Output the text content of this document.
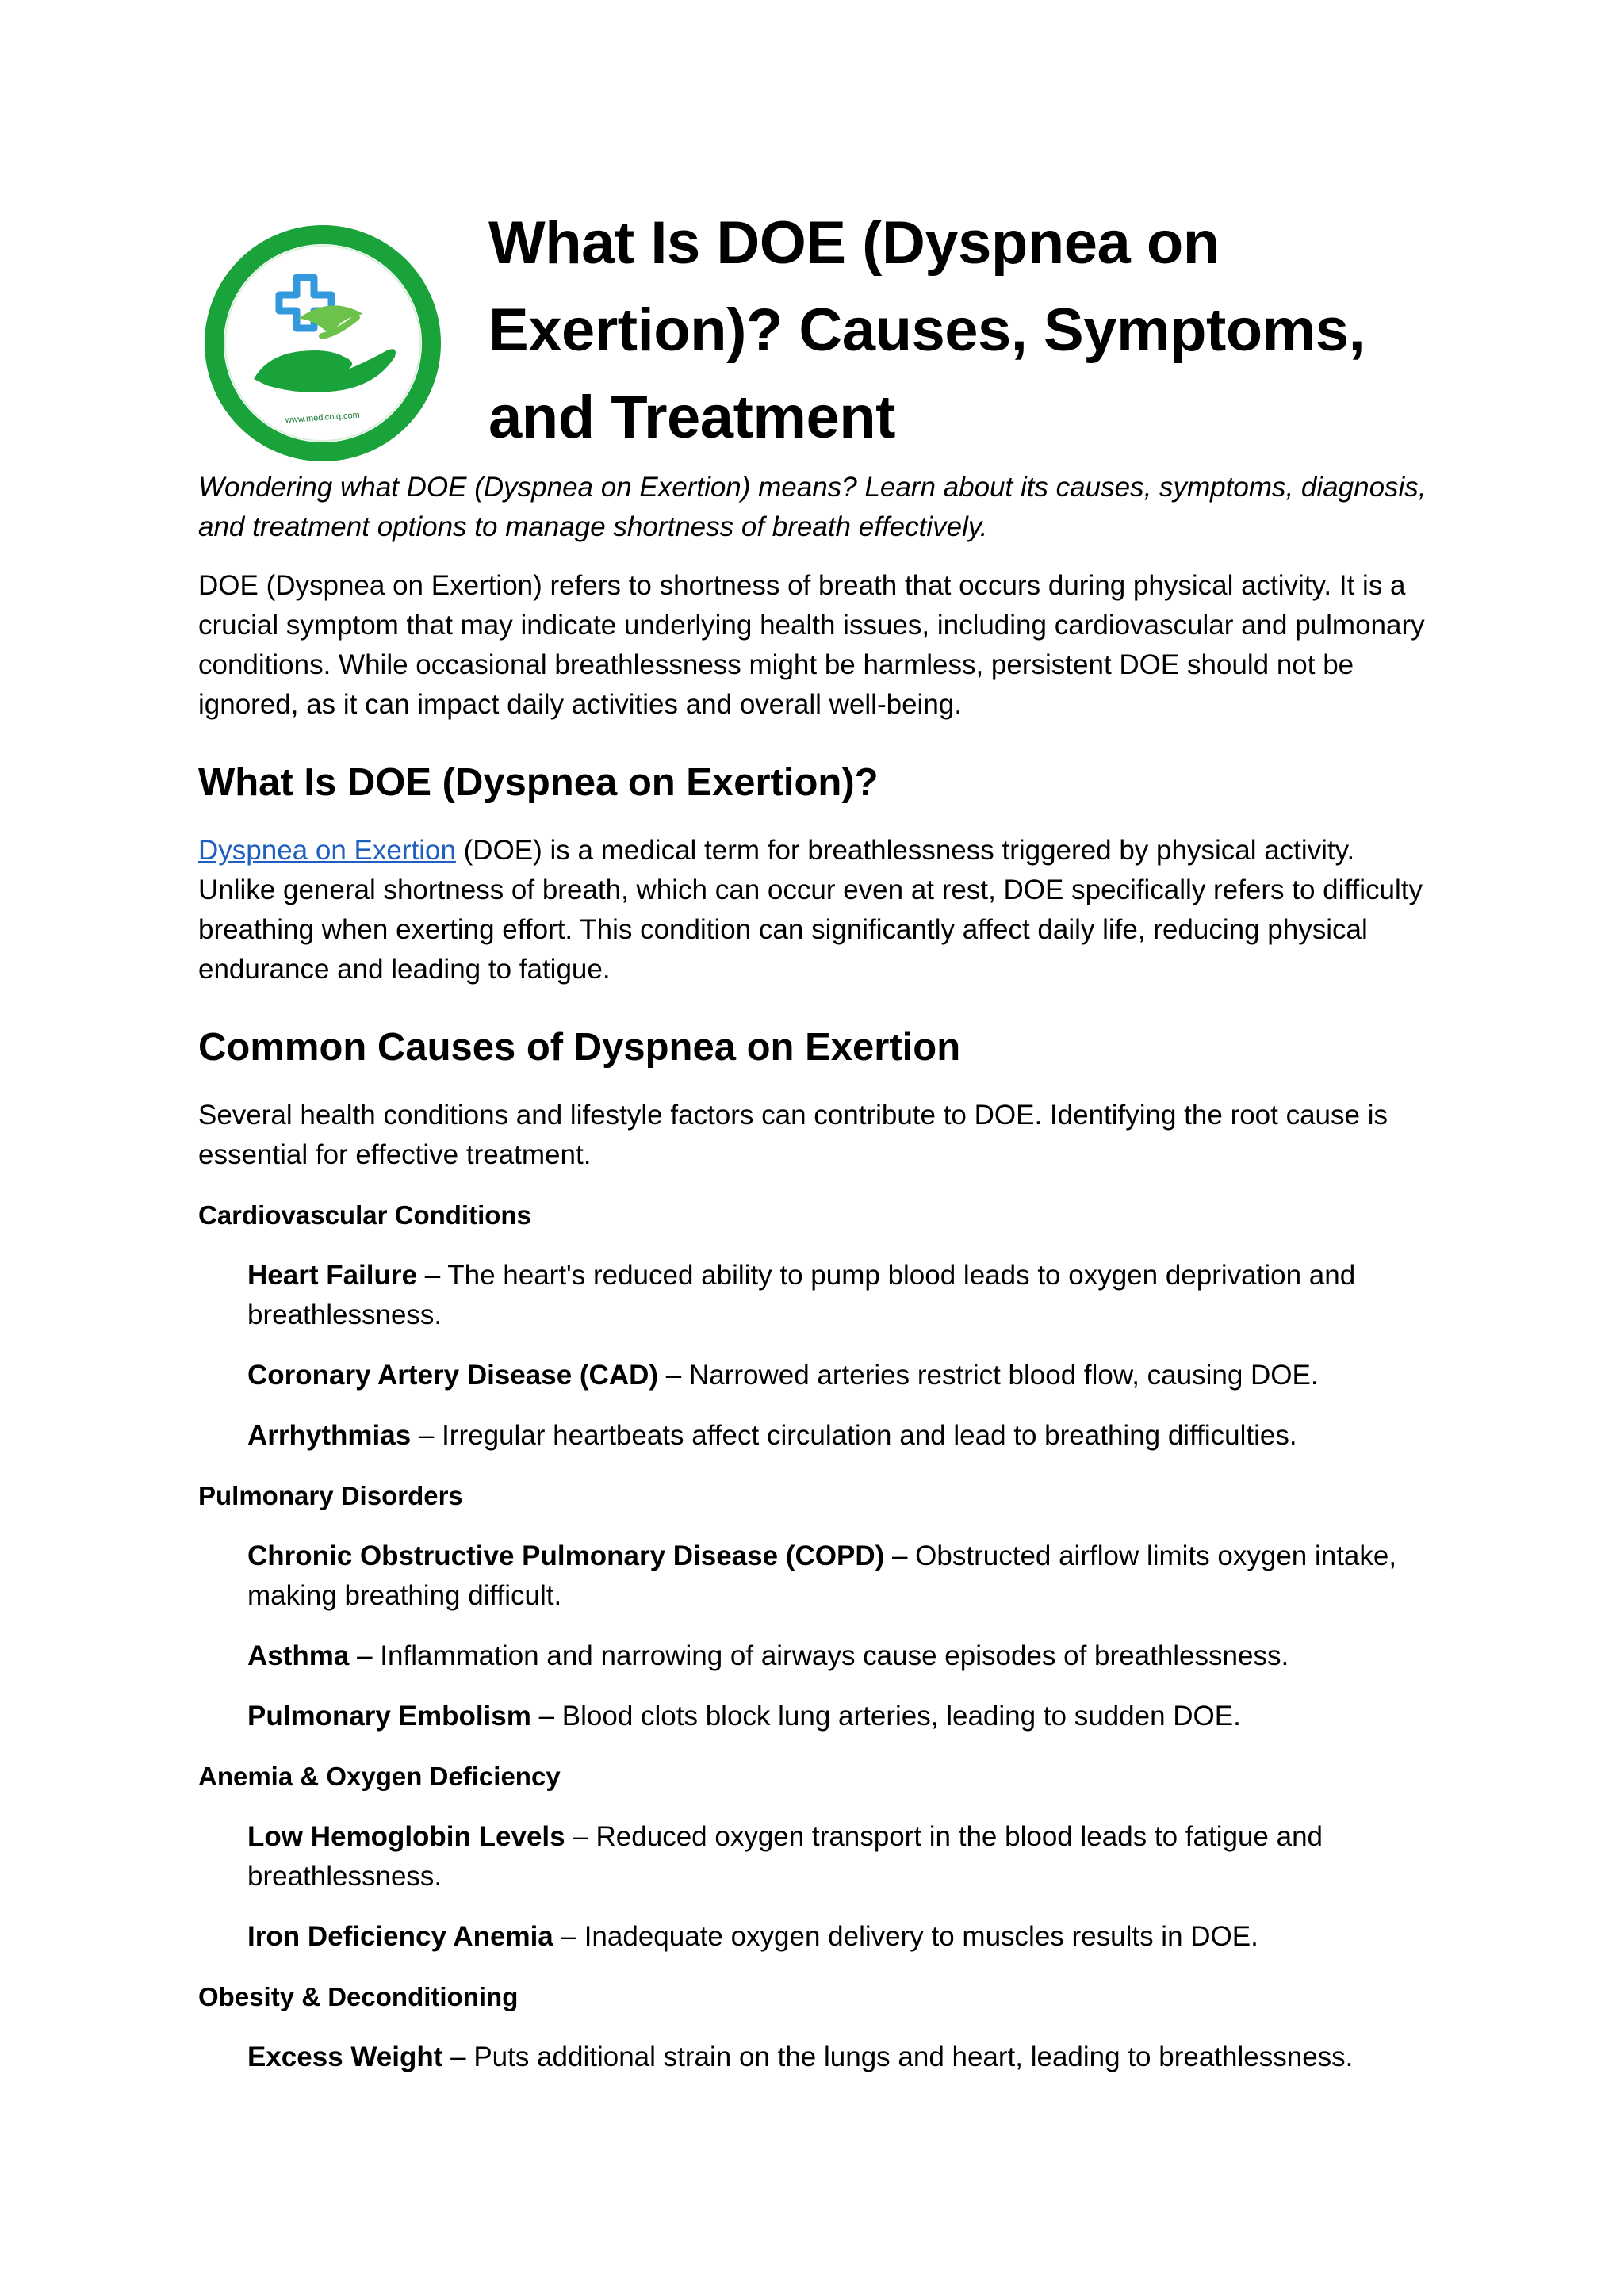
www.medicoiq.com
What Is DOE (Dyspnea on Exertion)? Causes, Symptoms, and Treatment

Wondering what DOE (Dyspnea on Exertion) means? Learn about its causes, symptoms, diagnosis, and treatment options to manage shortness of breath effectively.

DOE (Dyspnea on Exertion) refers to shortness of breath that occurs during physical activity. It is a crucial symptom that may indicate underlying health issues, including cardiovascular and pulmonary conditions. While occasional breathlessness might be harmless, persistent DOE should not be ignored, as it can impact daily activities and overall well-being.

What Is DOE (Dyspnea on Exertion)?

Dyspnea on Exertion (DOE) is a medical term for breathlessness triggered by physical activity. Unlike general shortness of breath, which can occur even at rest, DOE specifically refers to difficulty breathing when exerting effort. This condition can significantly affect daily life, reducing physical endurance and leading to fatigue.

Common Causes of Dyspnea on Exertion

Several health conditions and lifestyle factors can contribute to DOE. Identifying the root cause is essential for effective treatment.

Cardiovascular Conditions
Heart Failure – The heart's reduced ability to pump blood leads to oxygen deprivation and breathlessness.
Coronary Artery Disease (CAD) – Narrowed arteries restrict blood flow, causing DOE.
Arrhythmias – Irregular heartbeats affect circulation and lead to breathing difficulties.
Pulmonary Disorders
Chronic Obstructive Pulmonary Disease (COPD) – Obstructed airflow limits oxygen intake, making breathing difficult.
Asthma – Inflammation and narrowing of airways cause episodes of breathlessness.
Pulmonary Embolism – Blood clots block lung arteries, leading to sudden DOE.
Anemia & Oxygen Deficiency
Low Hemoglobin Levels – Reduced oxygen transport in the blood leads to fatigue and breathlessness.
Iron Deficiency Anemia – Inadequate oxygen delivery to muscles results in DOE.
Obesity & Deconditioning
Excess Weight – Puts additional strain on the lungs and heart, leading to breathlessness.
